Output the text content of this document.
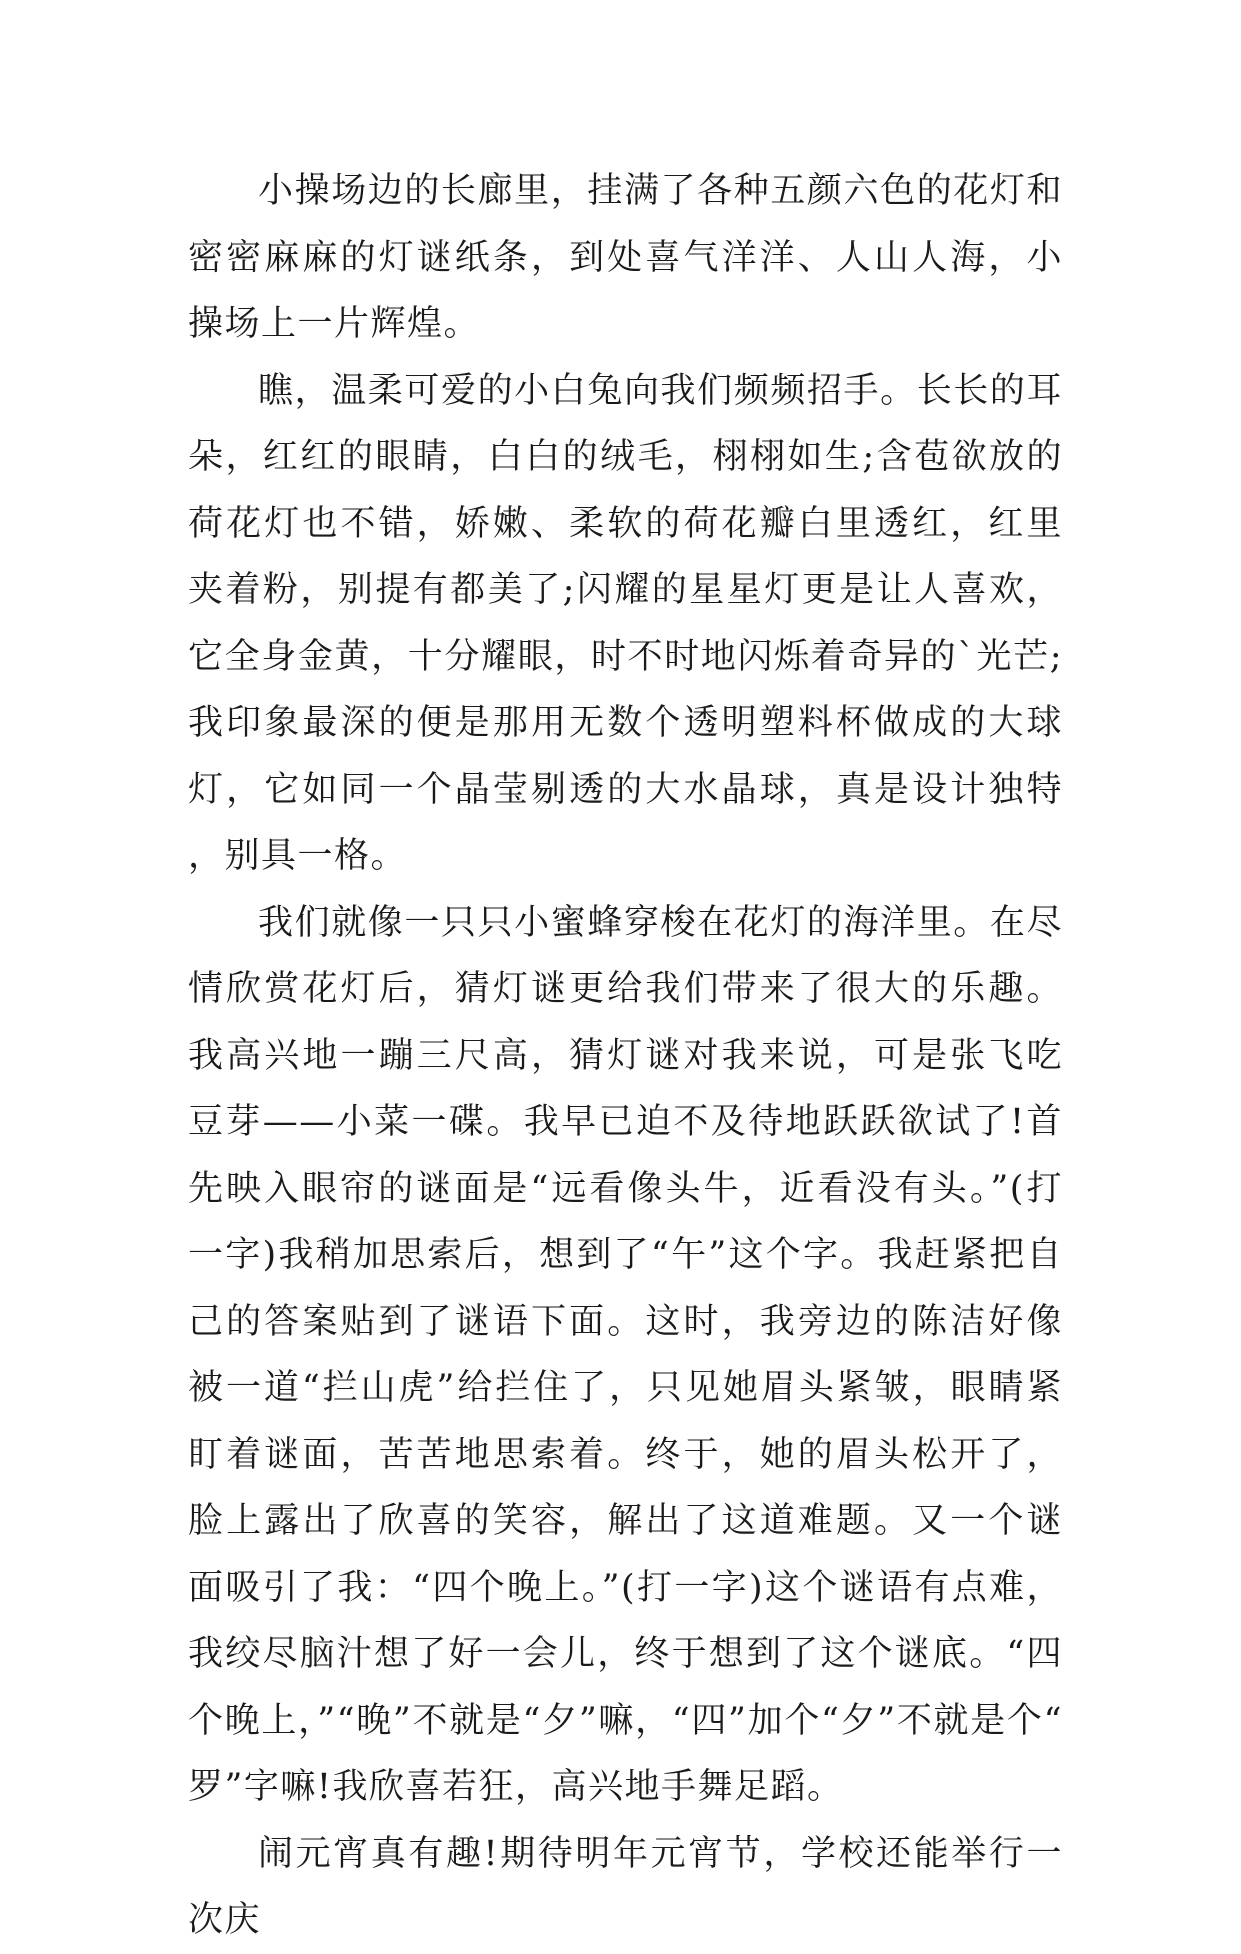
小操场边的长廊里，挂满了各种五颜六色的花灯和密密麻麻的灯谜纸条，到处喜气洋洋、人山人海，小操场上一片辉煌。

瞧，温柔可爱的小白兔向我们频频招手。长长的耳朵，红红的眼睛，白白的绒毛，栩栩如生;含苞欲放的荷花灯也不错，娇嫩、柔软的荷花瓣白里透红，红里夹着粉，别提有都美了;闪耀的星星灯更是让人喜欢，它全身金黄，十分耀眼，时不时地闪烁着奇异的`光芒;我印象最深的便是那用无数个透明塑料杯做成的大球灯，它如同一个晶莹剔透的大水晶球，真是设计独特，别具一格。

我们就像一只只小蜜蜂穿梭在花灯的海洋里。在尽情欣赏花灯后，猜灯谜更给我们带来了很大的乐趣。我高兴地一蹦三尺高，猜灯谜对我来说，可是张飞吃豆芽——小菜一碟。我早已迫不及待地跃跃欲试了!首先映入眼帘的谜面是“远看像头牛，近看没有头。”(打一字)我稍加思索后，想到了“午”这个字。我赶紧把自己的答案贴到了谜语下面。这时，我旁边的陈洁好像被一道“拦山虎”给拦住了，只见她眉头紧皱，眼睛紧盯着谜面，苦苦地思索着。终于，她的眉头松开了，脸上露出了欣喜的笑容，解出了这道难题。又一个谜面吸引了我：“四个晚上。”(打一字)这个谜语有点难，我绞尽脑汁想了好一会儿，终于想到了这个谜底。“四个晚上，”“晚”不就是“夕”嘛，“四”加个“夕”不就是个“罗”字嘛!我欣喜若狂，高兴地手舞足蹈。

闹元宵真有趣!期待明年元宵节，学校还能举行一次庆
